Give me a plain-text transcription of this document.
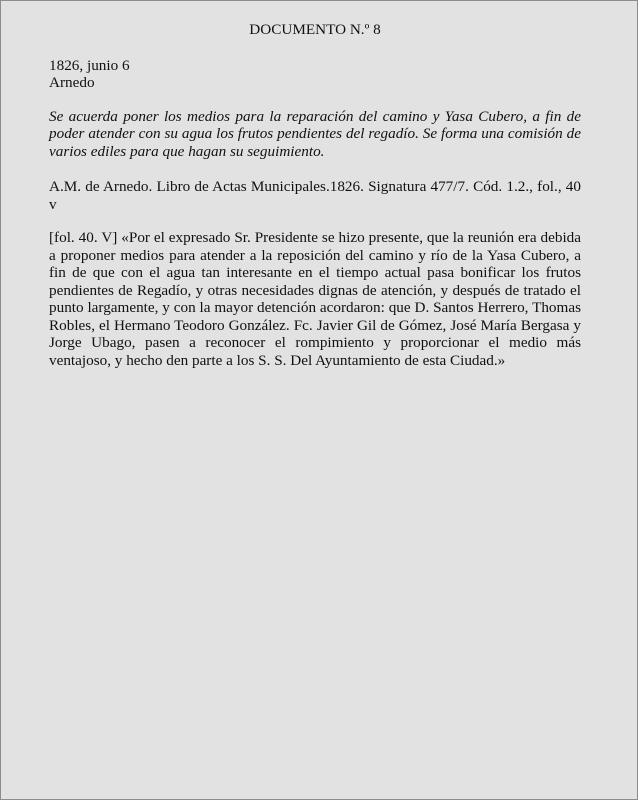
DOCUMENTO N.º 8

1826, junio 6

Arnedo

Se acuerda poner los medios para la reparación del camino y Yasa Cubero, a fin de poder atender con su agua los frutos pendientes del regadío. Se forma una comisión de varios ediles para que hagan su seguimiento.

A.M. de Arnedo. Libro de Actas Municipales.1826. Signatura 477/7. Cód. 1.2., fol., 40 v

[fol. 40. V] «Por el expresado Sr. Presidente se hizo presente, que la reunión era debida a proponer medios para atender a la reposición del camino y río de la Yasa Cubero, a fin de que con el agua tan interesante en el tiempo actual pasa bonificar los frutos pendientes de Regadío, y otras necesidades dignas de atención, y después de tratado el punto largamente, y con la mayor detención acordaron: que D. Santos Herrero, Thomas Robles, el Hermano Teodoro González. Fc. Javier Gil de Gómez, José María Bergasa y Jorge Ubago, pasen a reconocer el rompimiento y proporcionar el medio más ventajoso, y hecho den parte a los S. S. Del Ayuntamiento de esta Ciudad.»
